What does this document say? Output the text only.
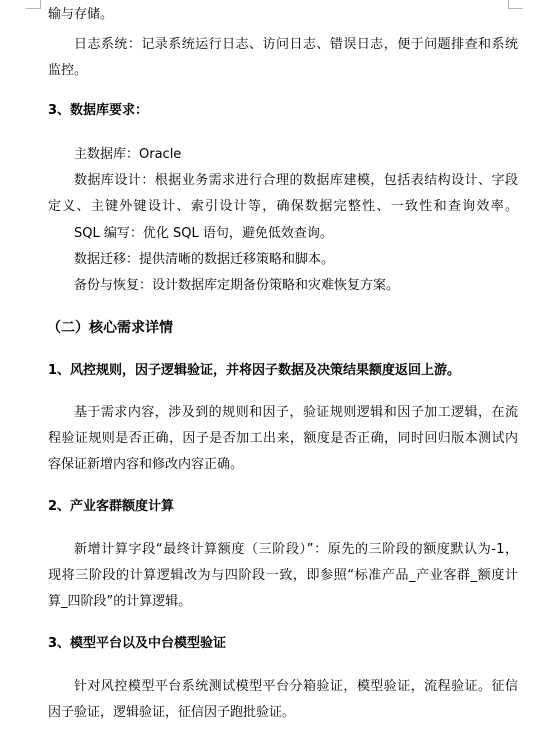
输与存储。
日志系统：记录系统运行日志、访问日志、错误日志，便于问题排查和系统
监控。
3、数据库要求：
主数据库：Oracle
数据库设计：根据业务需求进行合理的数据库建模，包括表结构设计、字段
定义、主键外键设计、索引设计等，确保数据完整性、一致性和查询效率。
SQL 编写：优化 SQL 语句，避免低效查询。
数据迁移：提供清晰的数据迁移策略和脚本。
备份与恢复：设计数据库定期备份策略和灾难恢复方案。
（二）核心需求详情
1、风控规则，因子逻辑验证，并将因子数据及决策结果额度返回上游。
基于需求内容，涉及到的规则和因子，验证规则逻辑和因子加工逻辑，在流
程验证规则是否正确，因子是否加工出来，额度是否正确，同时回归版本测试内
容保证新增内容和修改内容正确。
2、产业客群额度计算
新增计算字段“最终计算额度（三阶段）”：原先的三阶段的额度默认为-1，
现将三阶段的计算逻辑改为与四阶段一致，即参照“标准产品_产业客群_额度计
算_四阶段”的计算逻辑。
3、模型平台以及中台模型验证
针对风控模型平台系统测试模型平台分箱验证，模型验证，流程验证。征信
因子验证，逻辑验证，征信因子跑批验证。
